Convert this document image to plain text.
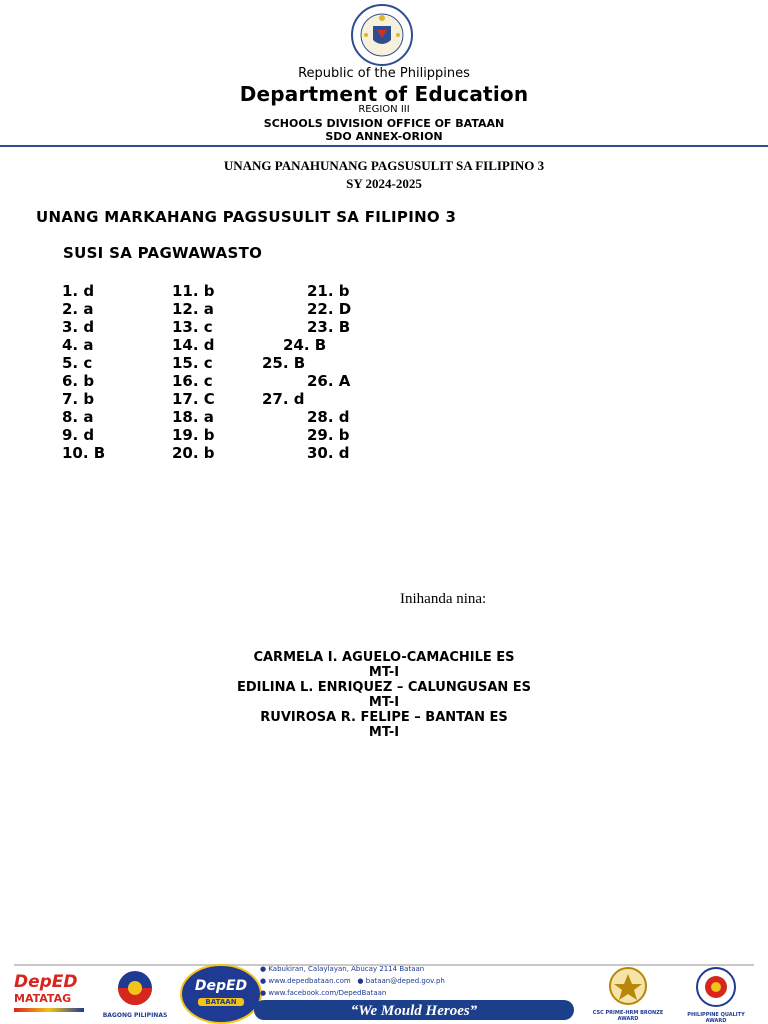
Republic of the Philippines
Department of Education
REGION III
SCHOOLS DIVISION OFFICE OF BATAAN
SDO ANNEX-ORION
UNANG PANAHUNANG PAGSUSULIT SA FILIPINO 3
SY 2024-2025
UNANG MARKAHANG PAGSUSULIT SA FILIPINO 3
SUSI SA PAGWAWASTO
1. d
2. a
3. d
4. a
5. c
6. b
7. b
8. a
9. d
10. B
11. b
12. a
13. c
14. d
15. c
16. c
17. C
18. a
19. b
20. b
21. b
22. D
23. B
24. B
25. B
26. A
27. d
28. d
29. b
30. d
Inihanda nina:
CARMELA I. AGUELO-CAMACHILE ES
MT-I
EDILINA L. ENRIQUEZ – CALUNGUSAN ES
MT-I
RUVIROSA R. FELIPE – BANTAN ES
MT-I
DepED
MATATAG
BAGONG PILIPINAS
DepED
BATAAN
● Kabukiran, Calaylayan, Abucay 2114 Bataan
● www.depedbataan.com ● bataan@deped.gov.ph
● www.facebook.com/DepedBataan
“We Mould Heroes”	CSC PRIME-HRM BRONZE AWARD
PHILIPPINE QUALITY AWARD
